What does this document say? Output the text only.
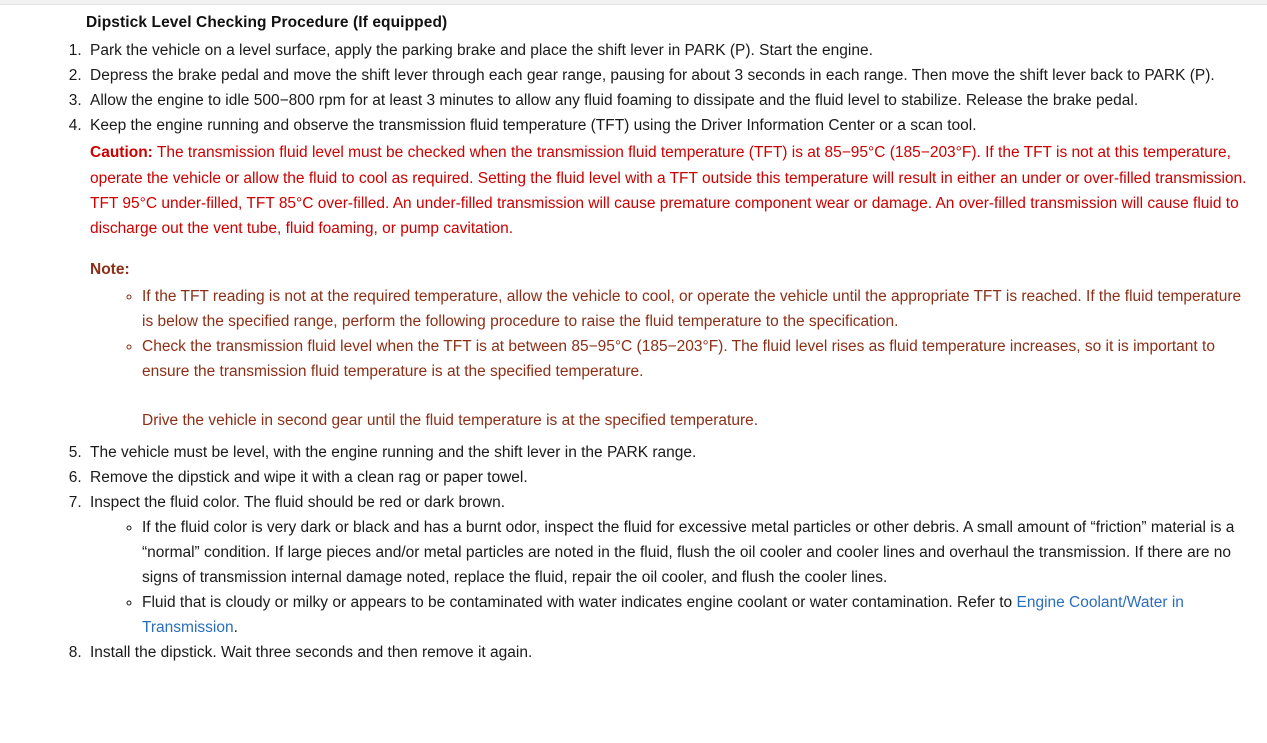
Dipstick Level Checking Procedure (If equipped)
1. Park the vehicle on a level surface, apply the parking brake and place the shift lever in PARK (P). Start the engine.
2. Depress the brake pedal and move the shift lever through each gear range, pausing for about 3 seconds in each range. Then move the shift lever back to PARK (P).
3. Allow the engine to idle 500−800 rpm for at least 3 minutes to allow any fluid foaming to dissipate and the fluid level to stabilize. Release the brake pedal.
4. Keep the engine running and observe the transmission fluid temperature (TFT) using the Driver Information Center or a scan tool.
Caution: The transmission fluid level must be checked when the transmission fluid temperature (TFT) is at 85−95°C (185−203°F). If the TFT is not at this temperature, operate the vehicle or allow the fluid to cool as required. Setting the fluid level with a TFT outside this temperature will result in either an under or over-filled transmission. TFT 95°C under-filled, TFT 85°C over-filled. An under-filled transmission will cause premature component wear or damage. An over-filled transmission will cause fluid to discharge out the vent tube, fluid foaming, or pump cavitation.
Note:
◦ If the TFT reading is not at the required temperature, allow the vehicle to cool, or operate the vehicle until the appropriate TFT is reached. If the fluid temperature is below the specified range, perform the following procedure to raise the fluid temperature to the specification.
◦ Check the transmission fluid level when the TFT is at between 85−95°C (185−203°F). The fluid level rises as fluid temperature increases, so it is important to ensure the transmission fluid temperature is at the specified temperature.
Drive the vehicle in second gear until the fluid temperature is at the specified temperature.
5. The vehicle must be level, with the engine running and the shift lever in the PARK range.
6. Remove the dipstick and wipe it with a clean rag or paper towel.
7. Inspect the fluid color. The fluid should be red or dark brown.
◦ If the fluid color is very dark or black and has a burnt odor, inspect the fluid for excessive metal particles or other debris. A small amount of “friction” material is a “normal” condition. If large pieces and/or metal particles are noted in the fluid, flush the oil cooler and cooler lines and overhaul the transmission. If there are no signs of transmission internal damage noted, replace the fluid, repair the oil cooler, and flush the cooler lines.
◦ Fluid that is cloudy or milky or appears to be contaminated with water indicates engine coolant or water contamination. Refer to Engine Coolant/Water in Transmission.
8. Install the dipstick. Wait three seconds and then remove it again.
